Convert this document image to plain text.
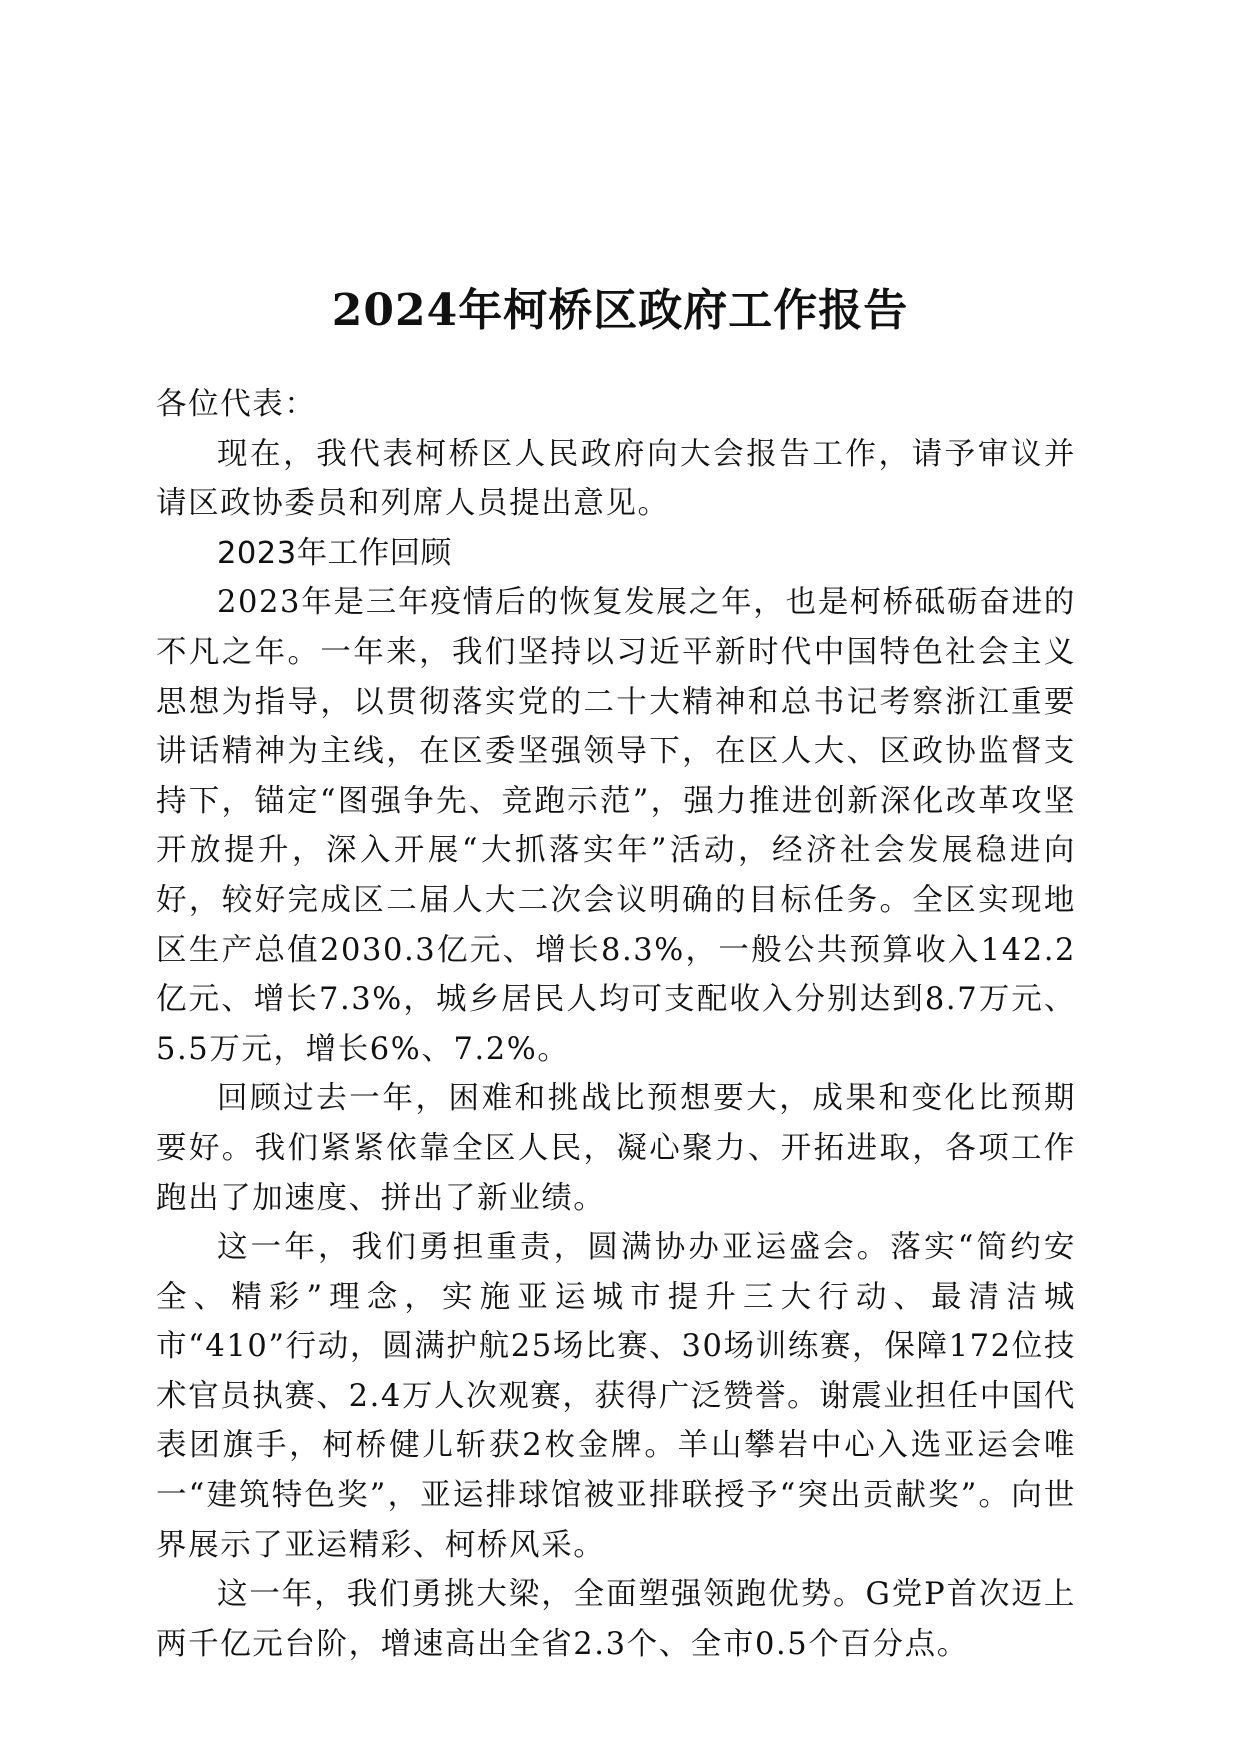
2024年柯桥区政府工作报告

各位代表：

现在，我代表柯桥区人民政府向大会报告工作，请予审议并请区政协委员和列席人员提出意见。

2023年工作回顾

2023年是三年疫情后的恢复发展之年，也是柯桥砥砺奋进的不凡之年。一年来，我们坚持以习近平新时代中国特色社会主义思想为指导，以贯彻落实党的二十大精神和总书记考察浙江重要讲话精神为主线，在区委坚强领导下，在区人大、区政协监督支持下，锚定“图强争先、竞跑示范”，强力推进创新深化改革攻坚开放提升，深入开展“大抓落实年”活动，经济社会发展稳进向好，较好完成区二届人大二次会议明确的目标任务。全区实现地区生产总值2030.3亿元、增长8.3%，一般公共预算收入142.2亿元、增长7.3%，城乡居民人均可支配收入分别达到8.7万元、5.5万元，增长6%、7.2%。

回顾过去一年，困难和挑战比预想要大，成果和变化比预期要好。我们紧紧依靠全区人民，凝心聚力、开拓进取，各项工作跑出了加速度、拼出了新业绩。

这一年，我们勇担重责，圆满协办亚运盛会。落实“简约安全、精彩”理念，实施亚运城市提升三大行动、最清洁城市“410”行动，圆满护航25场比赛、30场训练赛，保障172位技术官员执赛、2.4万人次观赛，获得广泛赞誉。谢震业担任中国代表团旗手，柯桥健儿斩获2枚金牌。羊山攀岩中心入选亚运会唯一“建筑特色奖”，亚运排球馆被亚排联授予“突出贡献奖”。向世界展示了亚运精彩、柯桥风采。

这一年，我们勇挑大梁，全面塑强领跑优势。G党P首次迈上两千亿元台阶，增速高出全省2.3个、全市0.5个百分点。
